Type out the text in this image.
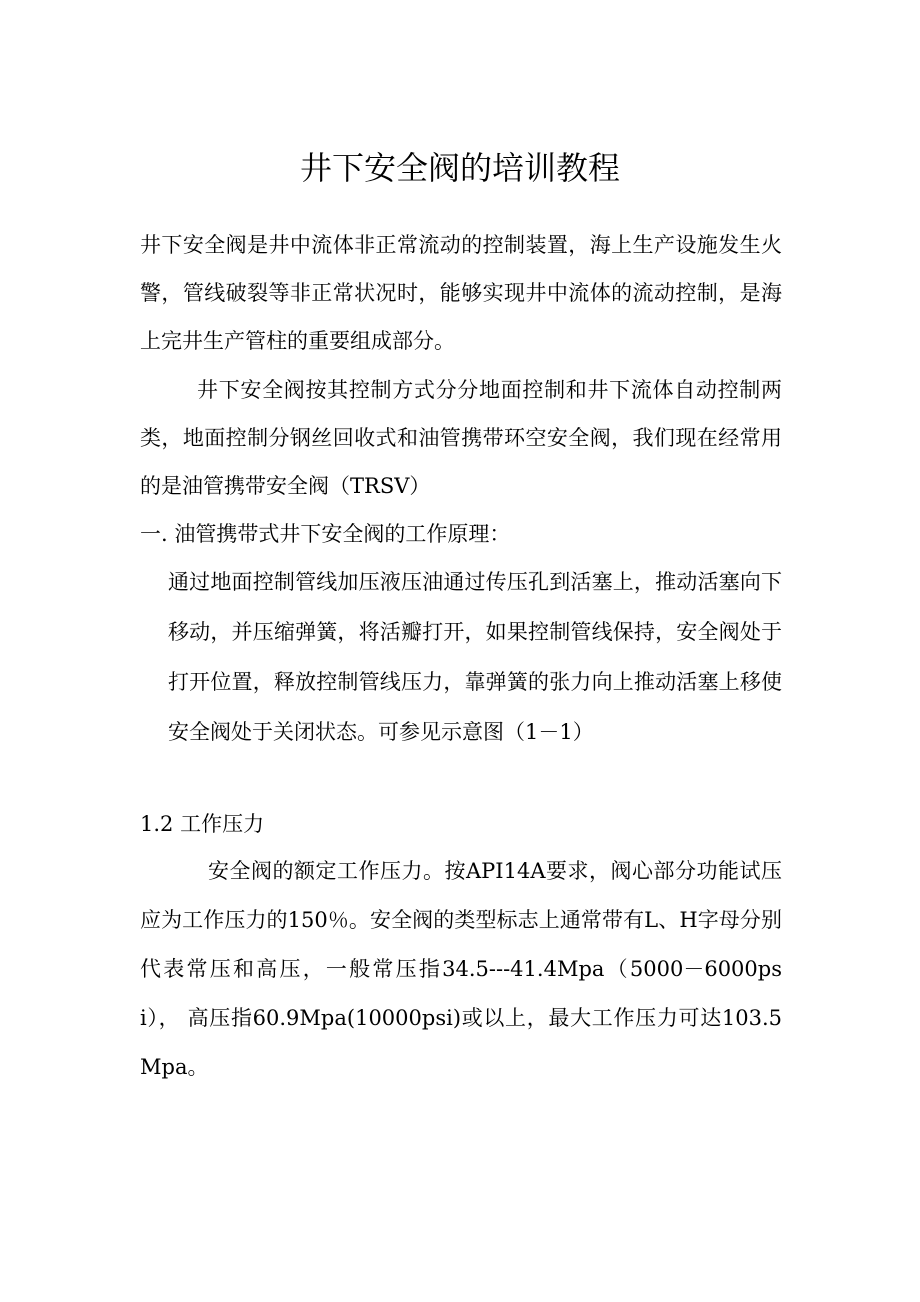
井下安全阀的培训教程

井下安全阀是井中流体非正常流动的控制装置，海上生产设施发生火警，管线破裂等非正常状况时，能够实现井中流体的流动控制，是海上完井生产管柱的重要组成部分。

井下安全阀按其控制方式分分地面控制和井下流体自动控制两类，地面控制分钢丝回收式和油管携带环空安全阀，我们现在经常用的是油管携带安全阀（TRSV）

一. 油管携带式井下安全阀的工作原理：

通过地面控制管线加压液压油通过传压孔到活塞上，推动活塞向下移动，并压缩弹簧，将活瓣打开，如果控制管线保持，安全阀处于打开位置，释放控制管线压力，靠弹簧的张力向上推动活塞上移使安全阀处于关闭状态。可参见示意图（1－1）

1.2 工作压力

安全阀的额定工作压力。按API14A要求，阀心部分功能试压应为工作压力的150％。安全阀的类型标志上通常带有L、H字母分别代表常压和高压，一般常压指34.5---41.4Mpa（5000－6000psi）， 高压指60.9Mpa(10000psi)或以上，最大工作压力可达103.5Mpa。
